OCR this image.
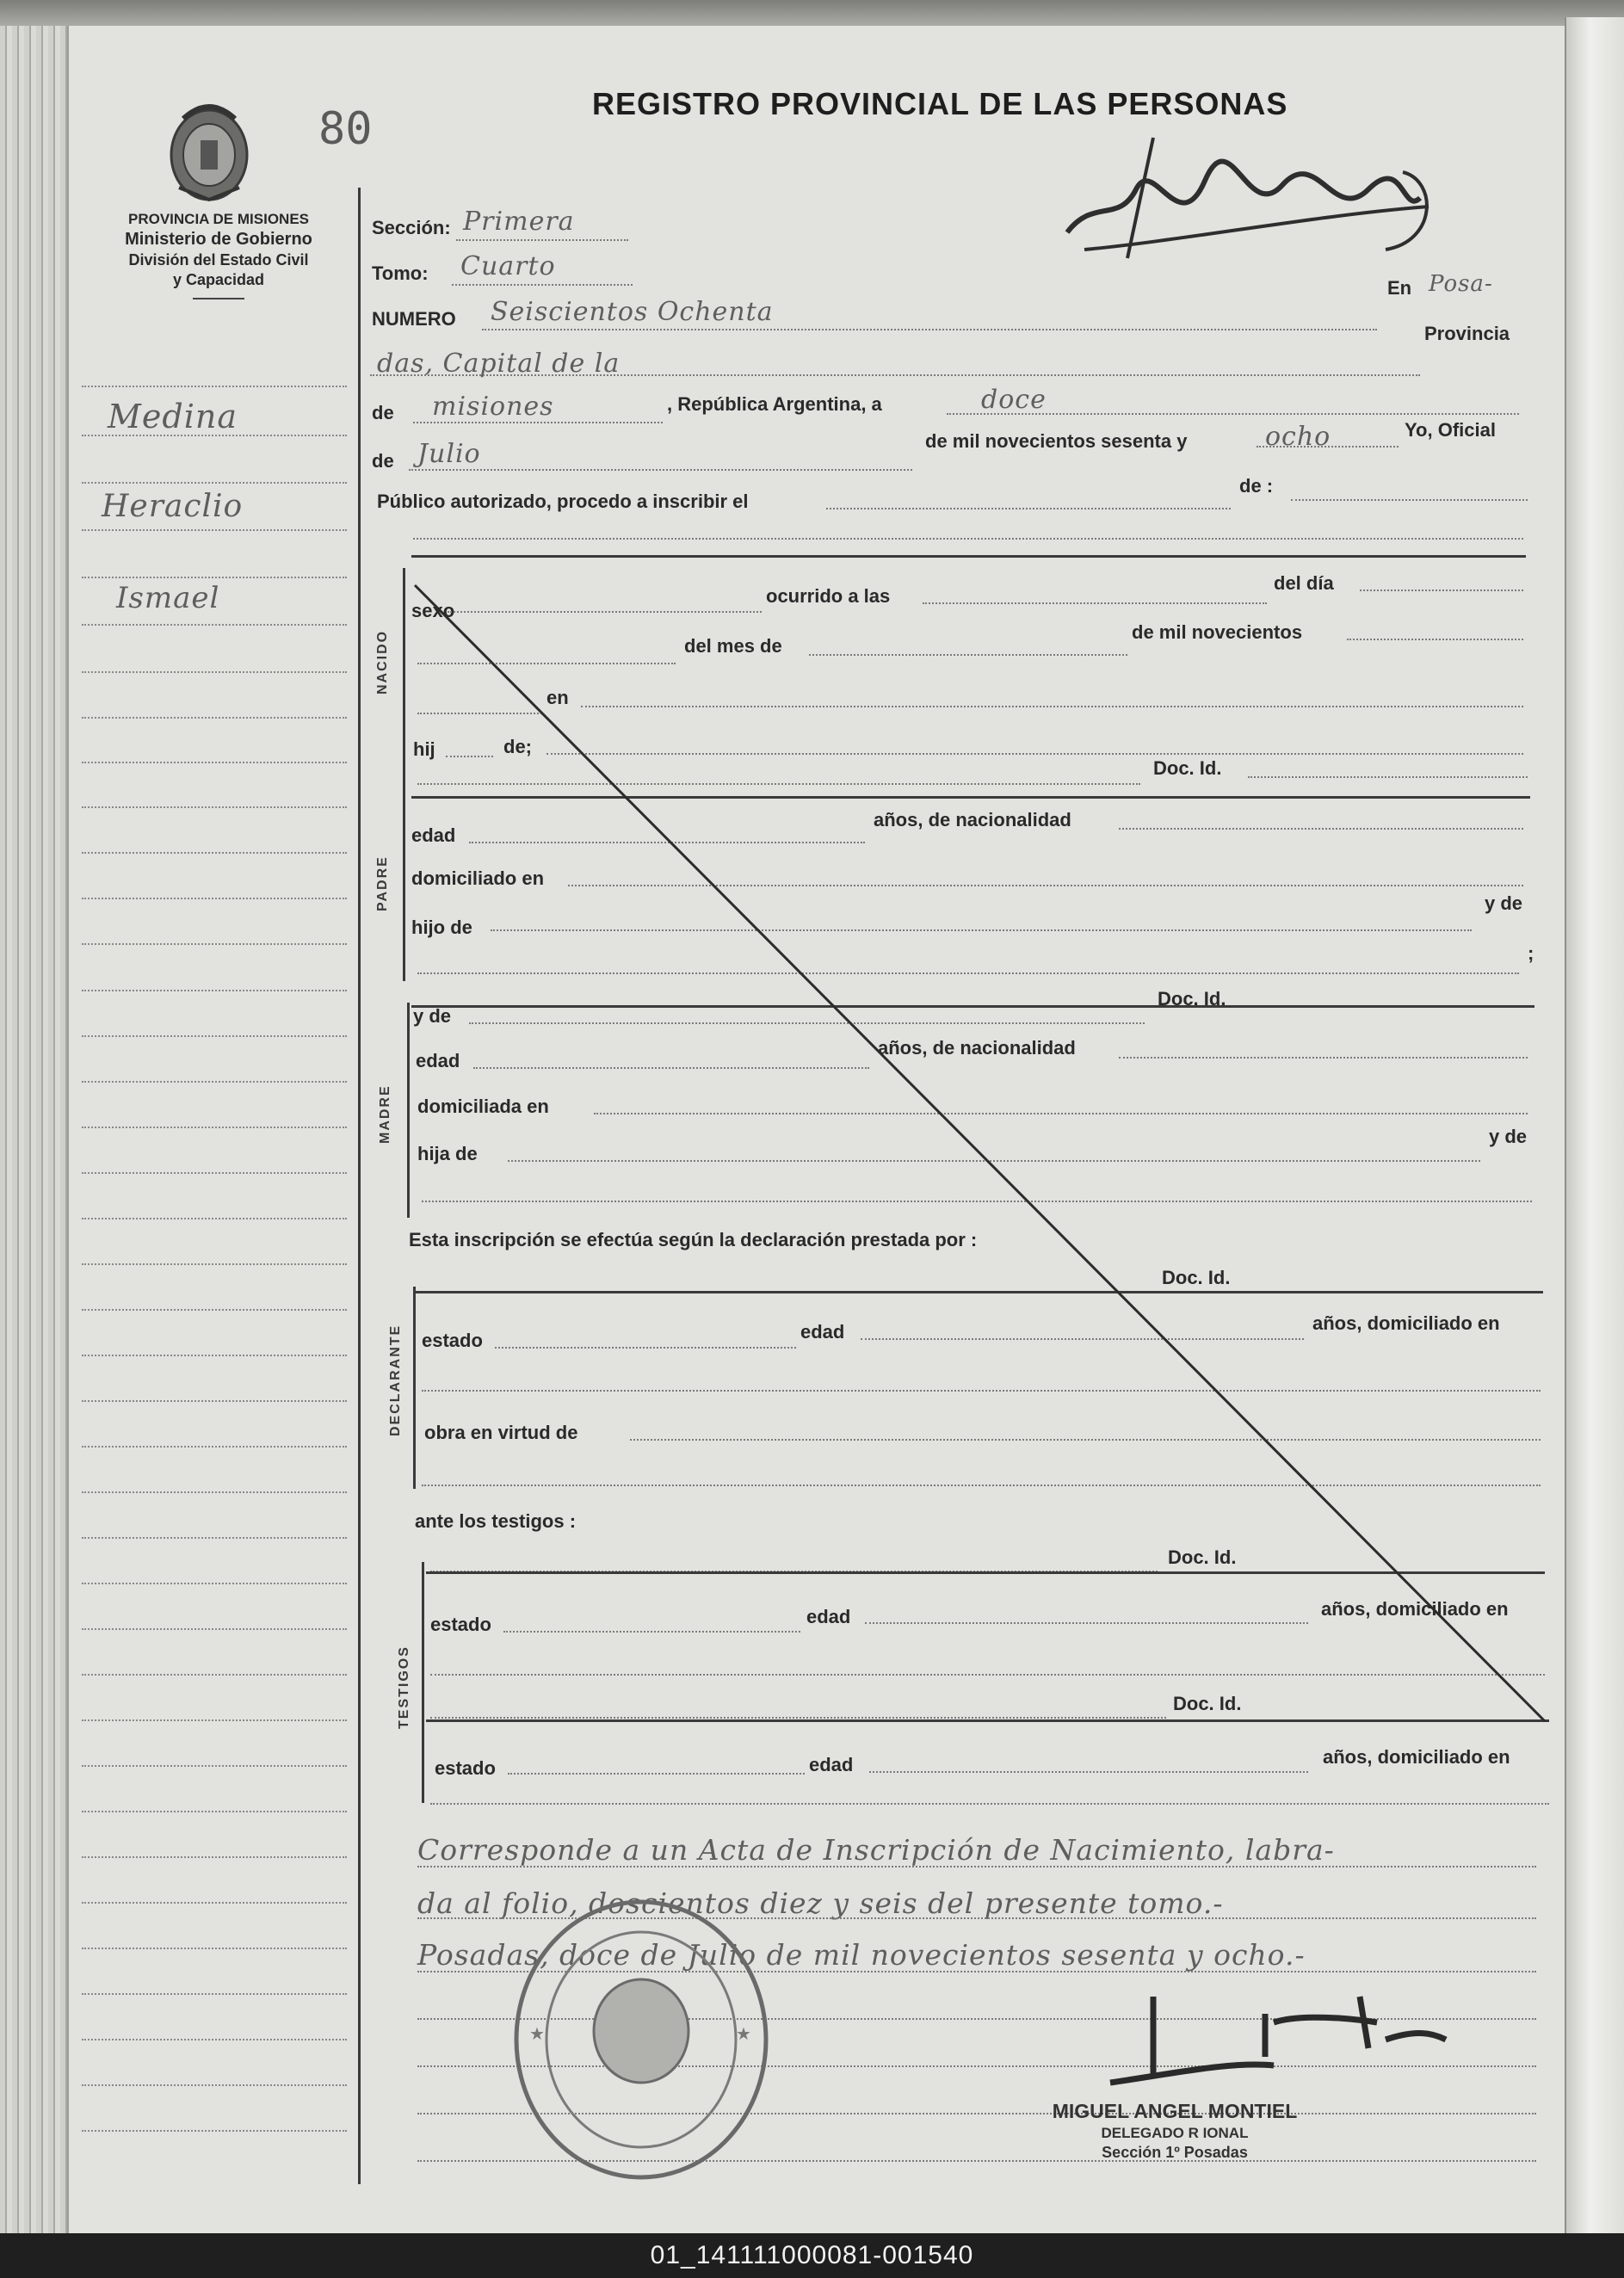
80	REGISTRO PROVINCIAL DE LAS PERSONAS
PROVINCIA DE MISIONES
Ministerio de Gobierno
División del Estado Civil
y Capacidad
Medina
Heraclio
Ismael
Sección: Primera
Tomo: Cuarto
NUMERO Seiscientos Ochenta
En Posa-
das, Capital de la
Provincia
de misiones	, República Argentina, a	doce
de Julio	de mil novecientos sesenta y	ocho	Yo, Oficial
Público autorizado, procedo a inscribir el
de :
NACIDO
sexo
ocurrido a las
del día
del mes de
de mil novecientos
en
hij	de;
Doc. Id.
PADRE
edad
años, de nacionalidad
domiciliado en
hijo de
y de
;
MADRE
y de
Doc. Id.
edad
años, de nacionalidad
domiciliada en
hija de
y de
Esta inscripción se efectúa según la declaración prestada por :
DECLARANTE
Doc. Id.
estado	edad	años, domiciliado en
obra en virtud de
ante los testigos :
TESTIGOS
Doc. Id.
estado	edad	años, domiciliado en
Doc. Id.
estado	edad	años, domiciliado en
Corresponde a un Acta de Inscripción de Nacimiento, labra-
da al folio, doscientos diez y seis del presente tomo.-
Posadas, doce de Julio de mil novecientos sesenta y ocho.-
★	★
MIGUEL ANGEL MONTIEL
DELEGADO R IONAL
Sección 1º Posadas
01_141111000081-001540
